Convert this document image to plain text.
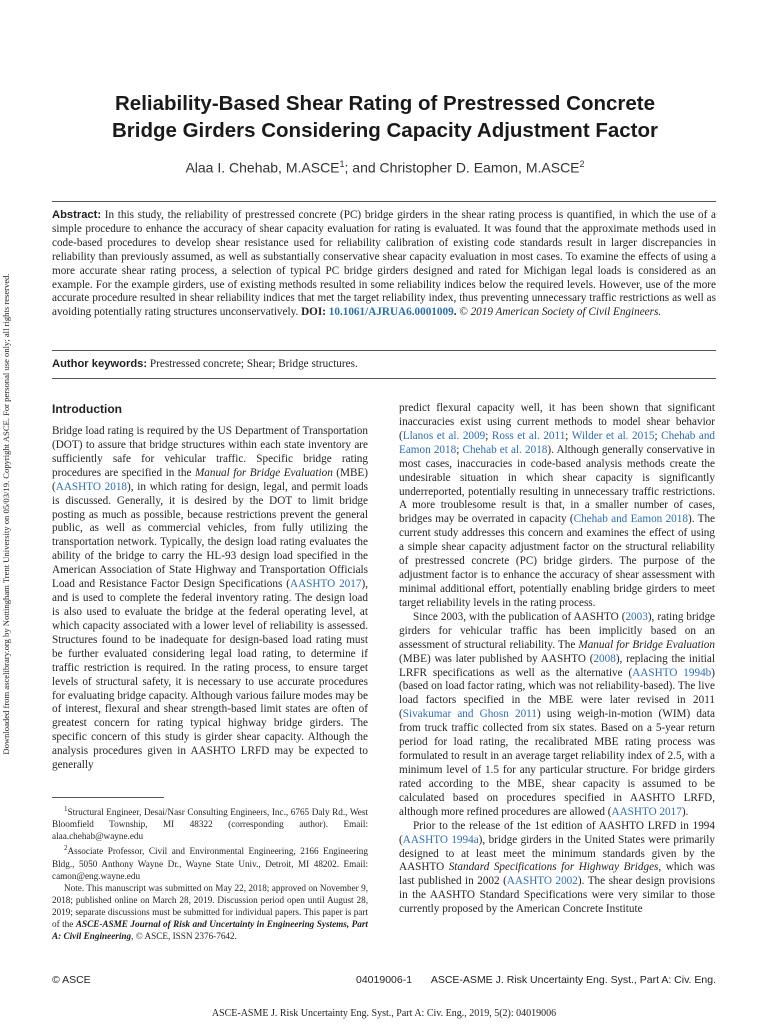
Downloaded from ascelibrary.org by Nottingham Trent University on 05/03/19. Copyright ASCE. For personal use only; all rights reserved.
Reliability-Based Shear Rating of Prestressed Concrete
Bridge Girders Considering Capacity Adjustment Factor
Alaa I. Chehab, M.ASCE$^1$; and Christopher D. Eamon, M.ASCE$^2$
Abstract: In this study, the reliability of prestressed concrete (PC) bridge girders in the shear rating process is quantified, in which the use of a simple procedure to enhance the accuracy of shear capacity evaluation for rating is evaluated. It was found that the approximate methods used in code-based procedures to develop shear resistance used for reliability calibration of existing code standards result in larger discrepancies in reliability than previously assumed, as well as substantially conservative shear capacity evaluation in most cases. To examine the effects of using a more accurate shear rating process, a selection of typical PC bridge girders designed and rated for Michigan legal loads is considered as an example. For the example girders, use of existing methods resulted in some reliability indices below the required levels. However, use of the more accurate procedure resulted in shear reliability indices that met the target reliability index, thus preventing unnecessary traffic restrictions as well as avoiding potentially rating structures unconservatively. DOI: 10.1061/AJRUA6.0001009. © 2019 American Society of Civil Engineers.
Author keywords: Prestressed concrete; Shear; Bridge structures.
Introduction

Bridge load rating is required by the US Department of Transportation (DOT) to assure that bridge structures within each state inventory are sufficiently safe for vehicular traffic. Specific bridge rating procedures are specified in the Manual for Bridge Evaluation (MBE) (AASHTO 2018), in which rating for design, legal, and permit loads is discussed. Generally, it is desired by the DOT to limit bridge posting as much as possible, because restrictions prevent the general public, as well as commercial vehicles, from fully utilizing the transportation network. Typically, the design load rating evaluates the ability of the bridge to carry the HL-93 design load specified in the American Association of State Highway and Transportation Officials Load and Resistance Factor Design Specifications (AASHTO 2017), and is used to complete the federal inventory rating. The design load is also used to evaluate the bridge at the federal operating level, at which capacity associated with a lower level of reliability is assessed. Structures found to be inadequate for design-based load rating must be further evaluated considering legal load rating, to determine if traffic restriction is required. In the rating process, to ensure target levels of structural safety, it is necessary to use accurate procedures for evaluating bridge capacity. Although various failure modes may be of interest, flexural and shear strength-based limit states are often of greatest concern for rating typical highway bridge girders. The specific concern of this study is girder shear capacity. Although the analysis procedures given in AASHTO LRFD may be expected to generally

$^1$Structural Engineer, Desai/Nasr Consulting Engineers, Inc., 6765 Daly Rd., West Bloomfield Township, MI 48322 (corresponding author). Email: alaa.chehab@wayne.edu

$^2$Associate Professor, Civil and Environmental Engineering, 2166 Engineering Bldg., 5050 Anthony Wayne Dr., Wayne State Univ., Detroit, MI 48202. Email: camon@eng.wayne.edu

Note. This manuscript was submitted on May 22, 2018; approved on November 9, 2018; published online on March 28, 2019. Discussion period open until August 28, 2019; separate discussions must be submitted for individual papers. This paper is part of the ASCE-ASME Journal of Risk and Uncertainty in Engineering Systems, Part A: Civil Engineering, © ASCE, ISSN 2376-7642.

predict flexural capacity well, it has been shown that significant inaccuracies exist using current methods to model shear behavior (Llanos et al. 2009; Ross et al. 2011; Wilder et al. 2015; Chehab and Eamon 2018; Chehab et al. 2018). Although generally conservative in most cases, inaccuracies in code-based analysis methods create the undesirable situation in which shear capacity is significantly underreported, potentially resulting in unnecessary traffic restrictions. A more troublesome result is that, in a smaller number of cases, bridges may be overrated in capacity (Chehab and Eamon 2018). The current study addresses this concern and examines the effect of using a simple shear capacity adjustment factor on the structural reliability of prestressed concrete (PC) bridge girders. The purpose of the adjustment factor is to enhance the accuracy of shear assessment with minimal additional effort, potentially enabling bridge girders to meet target reliability levels in the rating process.

Since 2003, with the publication of AASHTO (2003), rating bridge girders for vehicular traffic has been implicitly based on an assessment of structural reliability. The Manual for Bridge Evaluation (MBE) was later published by AASHTO (2008), replacing the initial LRFR specifications as well as the alternative (AASHTO 1994b) (based on load factor rating, which was not reliability-based). The live load factors specified in the MBE were later revised in 2011 (Sivakumar and Ghosn 2011) using weigh-in-motion (WIM) data from truck traffic collected from six states. Based on a 5-year return period for load rating, the recalibrated MBE rating process was formulated to result in an average target reliability index of 2.5, with a minimum level of 1.5 for any particular structure. For bridge girders rated according to the MBE, shear capacity is assumed to be calculated based on procedures specified in AASHTO LRFD, although more refined procedures are allowed (AASHTO 2017).

Prior to the release of the 1st edition of AASHTO LRFD in 1994 (AASHTO 1994a), bridge girders in the United States were primarily designed to at least meet the minimum standards given by the AASHTO Standard Specifications for Highway Bridges, which was last published in 2002 (AASHTO 2002). The shear design provisions in the AASHTO Standard Specifications were very similar to those currently proposed by the American Concrete Institute

© ASCE	04019006-1 ASCE-ASME J. Risk Uncertainty Eng. Syst., Part A: Civ. Eng.
ASCE-ASME J. Risk Uncertainty Eng. Syst., Part A: Civ. Eng., 2019, 5(2): 04019006
